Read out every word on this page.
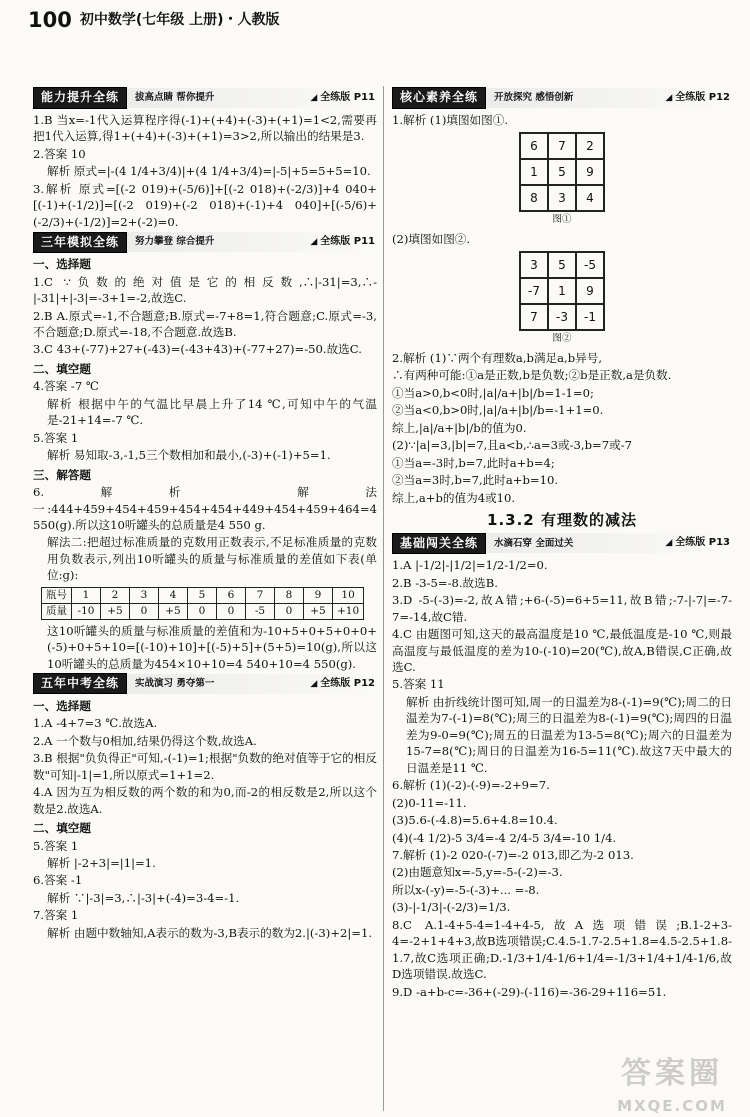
100 初中数学(七年级 上册)・人教版
能力提升全练	拔高点睛 帮你提升	◢ 全练版 P11
1.B 当x=-1代入运算程序得(-1)+(+4)+(-3)+(+1)=1<2,需要再把1代入运算,得1+(+4)+(-3)+(+1)=3>2,所以输出的结果是3.
2.答案 10
解析 原式=|-(4 1/4+3/4)|+(4 1/4+3/4)=|-5|+5=5+5=10.
3.解析 原式=[(-2 019)+(-5/6)]+[(-2 018)+(-2/3)]+4 040+[(-1)+(-1/2)]=[(-2 019)+(-2 018)+(-1)+4 040]+[(-5/6)+(-2/3)+(-1/2)]=2+(-2)=0.
三年模拟全练	努力攀登 综合提升	◢ 全练版 P11
一、选择题
1.C ∵负数的绝对值是它的相反数,∴|-31|=3,∴-|-31|+|-3|=-3+1=-2,故选C.
2.B A.原式=-1,不合题意;B.原式=-7+8=1,符合题意;C.原式=-3,不合题意;D.原式=-18,不合题意.故选B.
3.C 43+(-77)+27+(-43)=(-43+43)+(-77+27)=-50.故选C.
二、填空题
4.答案 -7 ℃
解析 根据中午的气温比早晨上升了14 ℃,可知中午的气温是-21+14=-7 ℃.
5.答案 1
解析 易知取-3,-1,5三个数相加和最小,(-3)+(-1)+5=1.
三、解答题
6.解析 解法一:444+459+454+459+454+454+449+454+459+464=4 550(g).所以这10听罐头的总质量是4 550 g.
解法二:把超过标准质量的克数用正数表示,不足标准质量的克数用负数表示,列出10听罐头的质量与标准质量的差值如下表(单位:g):
瓶号	1	2	3	4	5	6	7	8	9	10
质量	-10	+5	0	+5	0	0	-5	0	+5	+10
这10听罐头的质量与标准质量的差值和为-10+5+0+5+0+0+(-5)+0+5+10=[(-10)+10]+[(-5)+5]+(5+5)=10(g),所以这10听罐头的总质量为454×10+10=4 540+10=4 550(g).
五年中考全练	实战演习 勇夺第一	◢ 全练版 P12
一、选择题
1.A -4+7=3 ℃.故选A.
2.A 一个数与0相加,结果仍得这个数,故选A.
3.B 根据"负负得正"可知,-(-1)=1;根据"负数的绝对值等于它的相反数"可知|-1|=1,所以原式=1+1=2.
4.A 因为互为相反数的两个数的和为0,而-2的相反数是2,所以这个数是2.故选A.
二、填空题
5.答案 1
解析 |-2+3|=|1|=1.
6.答案 -1
解析 ∵|-3|=3,∴|-3|+(-4)=3-4=-1.
7.答案 1
解析 由题中数轴知,A表示的数为-3,B表示的数为2.|(-3)+2|=1.
核心素养全练	开放探究 感悟创新	◢ 全练版 P12
1.解析 (1)填图如图①.
6	7	2
1	5	9
8	3	4
图①
(2)填图如图②.
3	5	-5
-7	1	9
7	-3	-1
图②
2.解析 (1)∵两个有理数a,b满足a,b异号,
∴有两种可能:①a是正数,b是负数;②b是正数,a是负数.
①当a>0,b<0时,|a|/a+|b|/b=1-1=0;
②当a<0,b>0时,|a|/a+|b|/b=-1+1=0.
综上,|a|/a+|b|/b的值为0.
(2)∵|a|=3,|b|=7,且a<b,∴a=3或-3,b=7或-7
①当a=-3时,b=7,此时a+b=4;
②当a=3时,b=7,此时a+b=10.
综上,a+b的值为4或10.
1.3.2 有理数的减法
基础闯关全练	水滴石穿 全面过关	◢ 全练版 P13
1.A |-1/2|-|1/2|=1/2-1/2=0.
2.B -3-5=-8.故选B.
3.D -5-(-3)=-2,故A错;+6-(-5)=6+5=11,故B错;-7-|-7|=-7-7=-14,故C错.
4.C 由题图可知,这天的最高温度是10 ℃,最低温度是-10 ℃,则最高温度与最低温度的差为10-(-10)=20(℃),故A,B错误,C正确,故选C.
5.答案 11
解析 由折线统计图可知,周一的日温差为8-(-1)=9(℃);周二的日温差为7-(-1)=8(℃);周三的日温差为8-(-1)=9(℃);周四的日温差为9-0=9(℃);周五的日温差为13-5=8(℃);周六的日温差为15-7=8(℃);周日的日温差为16-5=11(℃).故这7天中最大的日温差是11 ℃.
6.解析 (1)(-2)-(-9)=-2+9=7.
(2)0-11=-11.
(3)5.6-(-4.8)=5.6+4.8=10.4.
(4)(-4 1/2)-5 3/4=-4 2/4-5 3/4=-10 1/4.
7.解析 (1)-2 020-(-7)=-2 013,即乙为-2 013.
(2)由题意知x=-5,y=-5-(-2)=-3.
所以x-(-y)=-5-(-3)+... =-8.
(3)-|-1/3|-(-2/3)=1/3.
8.C A.1-4+5-4=1-4+4-5,故A选项错误;B.1-2+3-4=-2+1+4+3,故B选项错误;C.4.5-1.7-2.5+1.8=4.5-2.5+1.8-1.7,故C选项正确;D.-1/3+1/4-1/6+1/4=-1/3+1/4+1/4-1/6,故D选项错误.故选C.
9.D -a+b-c=-36+(-29)-(-116)=-36-29+116=51.
答案圈
MXQE.COM
